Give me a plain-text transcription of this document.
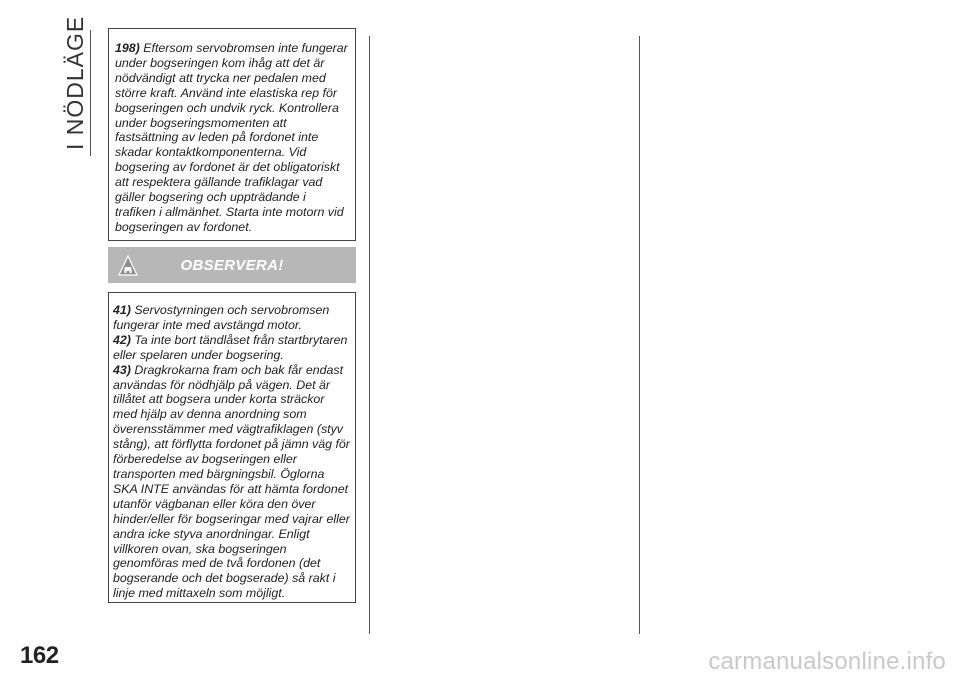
I NÖDLÄGE 198) Eftersom servobromsen inte fungerar under bogseringen kom ihåg att det är nödvändigt att trycka ner pedalen med större kraft. Använd inte elastiska rep för bogseringen och undvik ryck. Kontrollera under bogseringsmomenten att fastsättning av leden på fordonet inte skadar kontaktkomponenterna. Vid bogsering av fordonet är det obligatoriskt att respektera gällande trafiklagar vad gäller bogsering och uppträdande i trafiken i allmänhet. Starta inte motorn vid bogseringen av fordonet.

OBSERVERA!

41) Servostyrningen och servobromsen fungerar inte med avstängd motor.

42) Ta inte bort tändlåset från startbrytaren eller spelaren under bogsering.

43) Dragkrokarna fram och bak får endast användas för nödhjälp på vägen. Det är tillåtet att bogsera under korta sträckor med hjälp av denna anordning som överensstämmer med vägtrafiklagen (styv stång), att förflytta fordonet på jämn väg för förberedelse av bogseringen eller transporten med bärgningsbil. Öglorna SKA INTE användas för att hämta fordonet utanför vägbanan eller köra den över hinder/eller för bogseringar med vajrar eller andra icke styva anordningar. Enligt villkoren ovan, ska bogseringen genomföras med de två fordonen (det bogserande och det bogserade) så rakt i linje med mittaxeln som möjligt.

162	carmanualsonline.info
